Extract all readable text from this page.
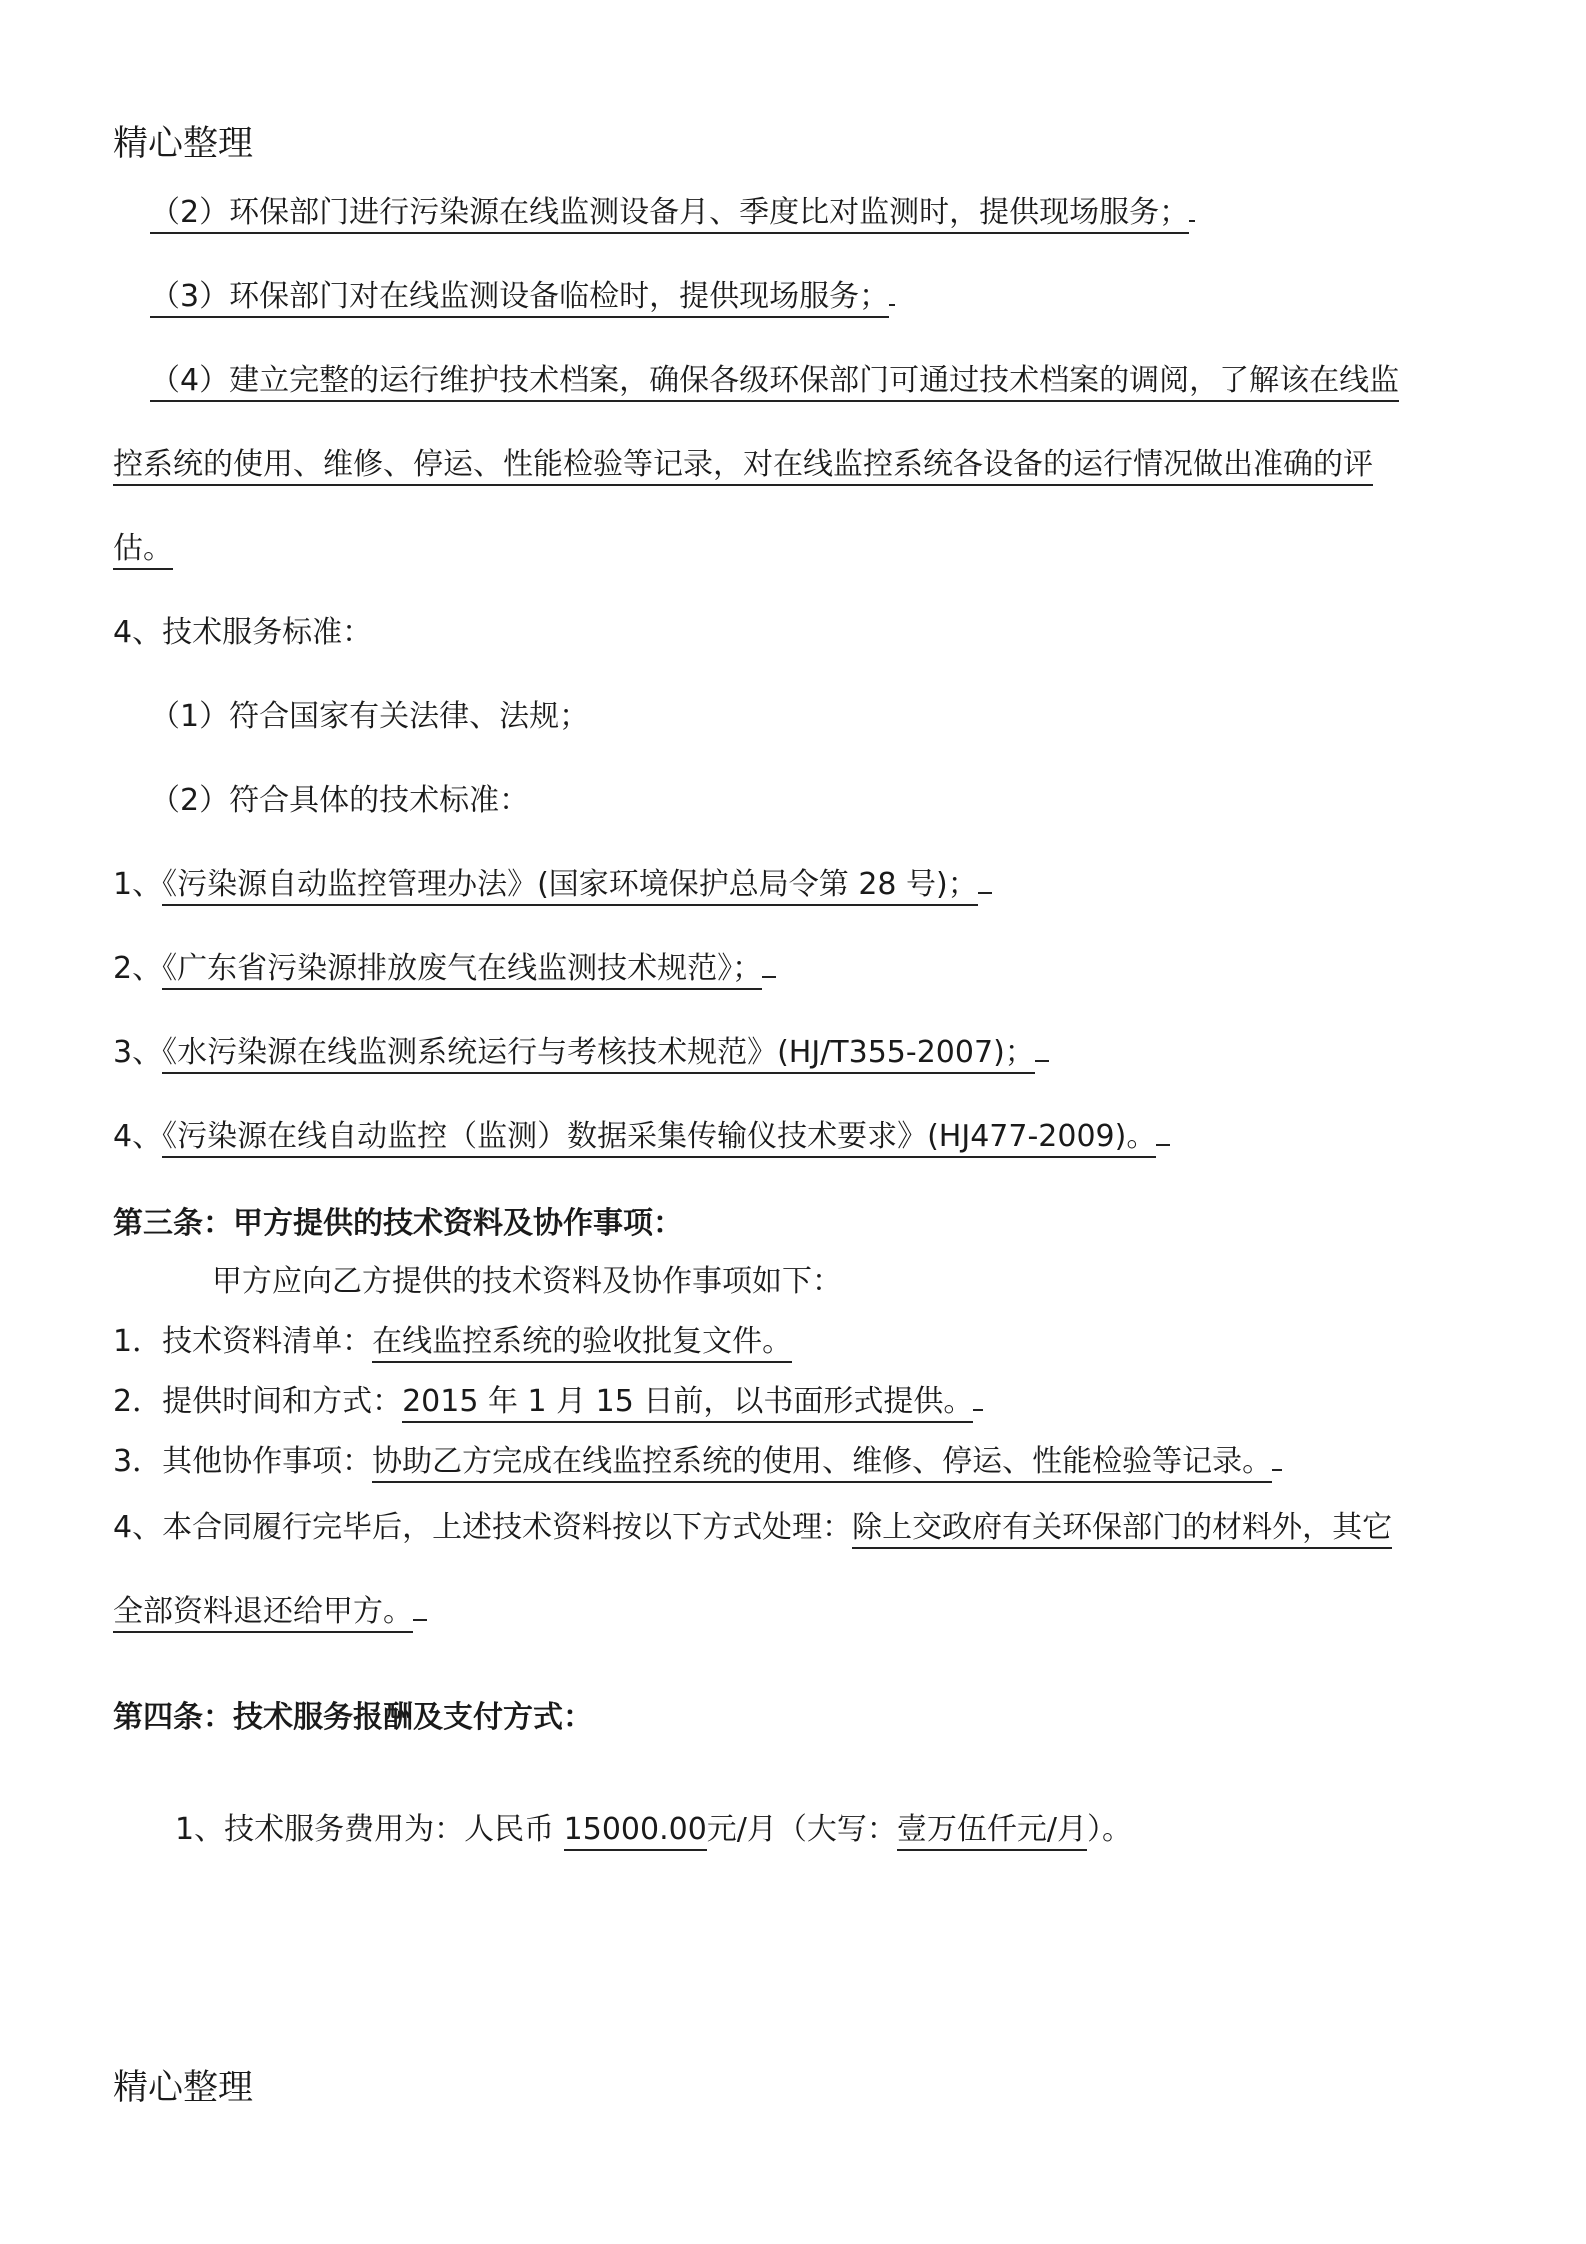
精心整理
（2）环保部门进行污染源在线监测设备月、季度比对监测时，提供现场服务；
（3）环保部门对在线监测设备临检时，提供现场服务；
（4）建立完整的运行维护技术档案，确保各级环保部门可通过技术档案的调阅，了解该在线监
控系统的使用、维修、停运、性能检验等记录，对在线监控系统各设备的运行情况做出准确的评
估。
4、技术服务标准：
（1）符合国家有关法律、法规；
（2）符合具体的技术标准：
1、《污染源自动监控管理办法》(国家环境保护总局令第 28 号)；
2、《广东省污染源排放废气在线监测技术规范》；
3、《水污染源在线监测系统运行与考核技术规范》(HJ/T355-2007)；
4、《污染源在线自动监控（监测）数据采集传输仪技术要求》(HJ477-2009)。
第三条：甲方提供的技术资料及协作事项：
甲方应向乙方提供的技术资料及协作事项如下：
1．技术资料清单：在线监控系统的验收批复文件。
2．提供时间和方式：2015 年 1 月 15 日前，以书面形式提供。
3．其他协作事项：协助乙方完成在线监控系统的使用、维修、停运、性能检验等记录。
4、本合同履行完毕后，上述技术资料按以下方式处理：除上交政府有关环保部门的材料外，其它
全部资料退还给甲方。
第四条：技术服务报酬及支付方式：
1、技术服务费用为：人民币 15000.00元/月（大写：壹万伍仟元/月）。
精心整理
